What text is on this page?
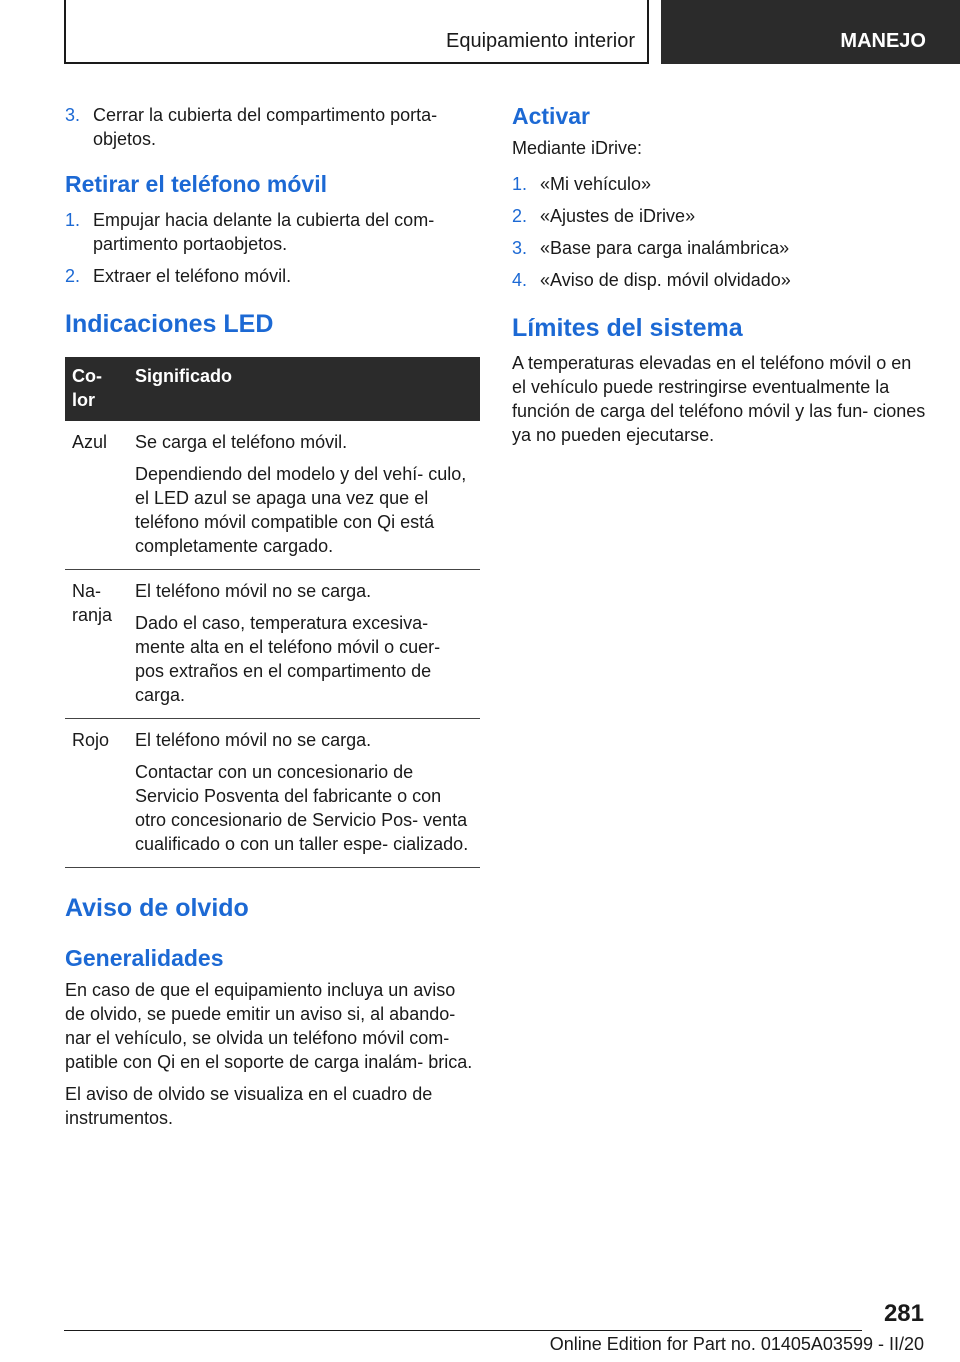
Equipamiento interior	MANEJO
3. Cerrar la cubierta del compartimento porta‐ objetos.
Retirar el teléfono móvil
1. Empujar hacia delante la cubierta del com‐ partimento portaobjetos.
2. Extraer el teléfono móvil.
Indicaciones LED
Co‐ lor	Significado
Azul	Se carga el teléfono móvil.

Dependiendo del modelo y del vehí‐ culo, el LED azul se apaga una vez que el teléfono móvil compatible con Qi está completamente cargado.

Na‐ ranja	El teléfono móvil no se carga.

Dado el caso, temperatura excesiva‐ mente alta en el teléfono móvil o cuer‐ pos extraños en el compartimento de carga.

Rojo	El teléfono móvil no se carga.

Contactar con un concesionario de Servicio Posventa del fabricante o con otro concesionario de Servicio Pos‐ venta cualificado o con un taller espe‐ cializado.

Aviso de olvido
Generalidades

En caso de que el equipamiento incluya un aviso de olvido, se puede emitir un aviso si, al abando‐ nar el vehículo, se olvida un teléfono móvil com‐ patible con Qi en el soporte de carga inalám‐ brica.

El aviso de olvido se visualiza en el cuadro de instrumentos.

Activar

Mediante iDrive:

1. «Mi vehículo»
2. «Ajustes de iDrive»
3. «Base para carga inalámbrica»
4. «Aviso de disp. móvil olvidado»
Límites del sistema

A temperaturas elevadas en el teléfono móvil o en el vehículo puede restringirse eventualmente la función de carga del teléfono móvil y las fun‐ ciones ya no pueden ejecutarse.

281
Online Edition for Part no. 01405A03599 - II/20
